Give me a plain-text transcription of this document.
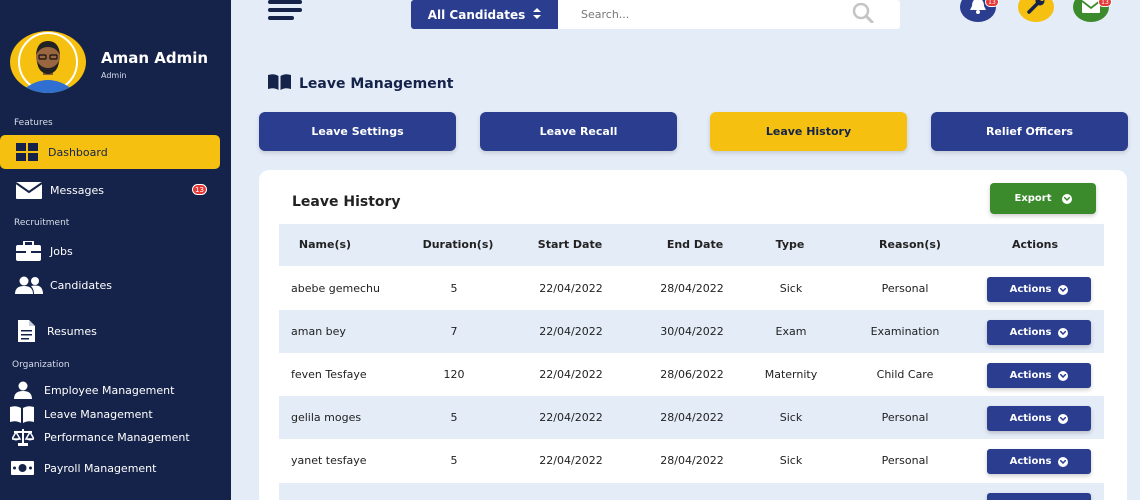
Aman Admin
Admin
Features
Dashboard
Messages	13
Recruitment
Jobs
Candidates
Resumes
Organization
Employee Management
Leave Management
Performance Management
Payroll Management
All Candidates
Search...
13	13
Leave Management
Leave Settings	Leave Recall	Leave History	Relief Officers
Leave History	Export
Name(s)	Duration(s)	Start Date	End Date	Type	Reason(s)	Actions
abebe gemechu	5	22/04/2022	28/04/2022	Sick	Personal	Actions
aman bey	7	22/04/2022	30/04/2022	Exam	Examination	Actions
feven Tesfaye	120	22/04/2022	28/06/2022	Maternity	Child Care	Actions
gelila moges	5	22/04/2022	28/04/2022	Sick	Personal	Actions
yanet tesfaye	5	22/04/2022	28/04/2022	Sick	Personal	Actions
